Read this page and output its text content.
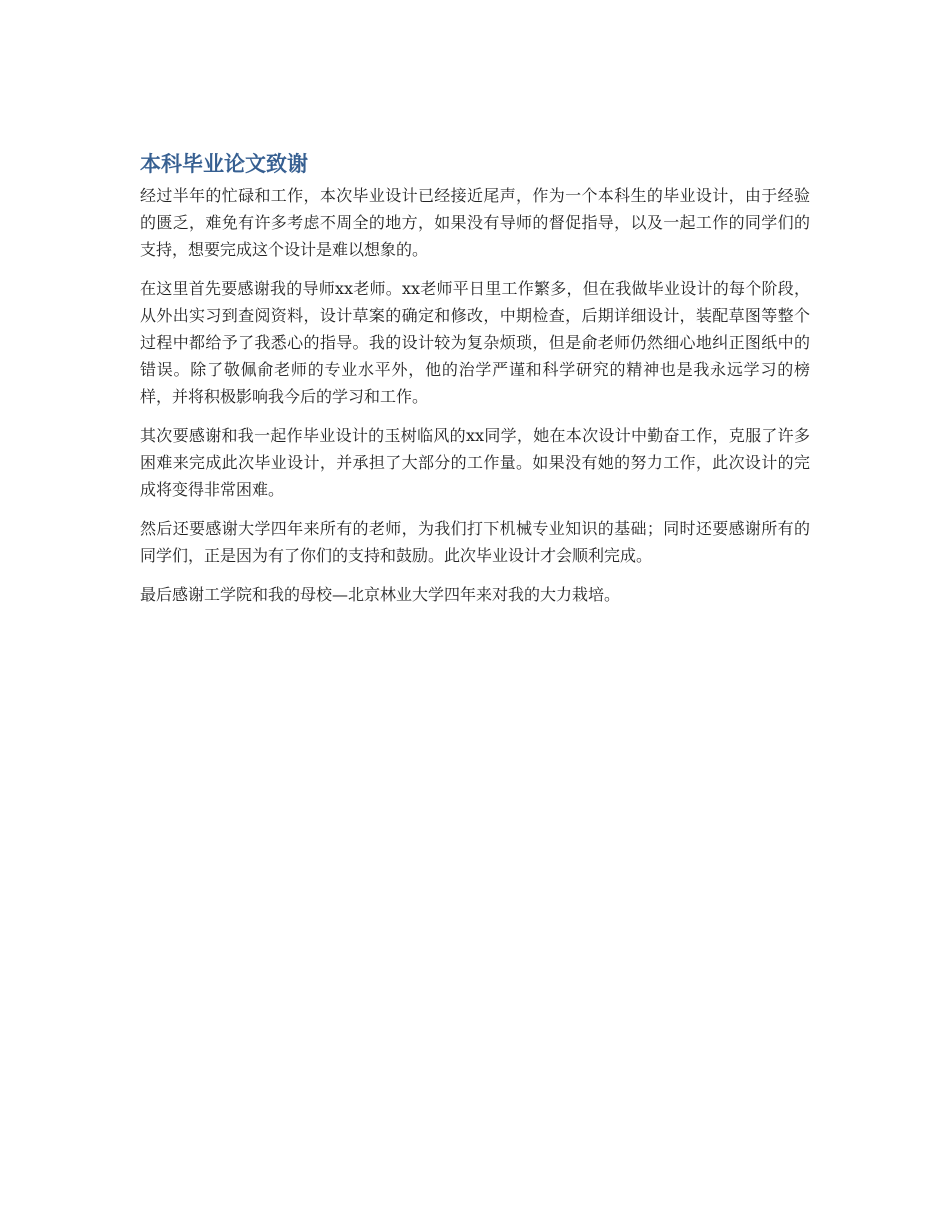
本科毕业论文致谢

经过半年的忙碌和工作，本次毕业设计已经接近尾声，作为一个本科生的毕业设计，由于经验的匮乏，难免有许多考虑不周全的地方，如果没有导师的督促指导，以及一起工作的同学们的支持，想要完成这个设计是难以想象的。

在这里首先要感谢我的导师xx老师。xx老师平日里工作繁多，但在我做毕业设计的每个阶段，从外出实习到查阅资料，设计草案的确定和修改，中期检查，后期详细设计，装配草图等整个过程中都给予了我悉心的指导。我的设计较为复杂烦琐，但是俞老师仍然细心地纠正图纸中的错误。除了敬佩俞老师的专业水平外，他的治学严谨和科学研究的精神也是我永远学习的榜样，并将积极影响我今后的学习和工作。

其次要感谢和我一起作毕业设计的玉树临风的xx同学，她在本次设计中勤奋工作，克服了许多困难来完成此次毕业设计，并承担了大部分的工作量。如果没有她的努力工作，此次设计的完成将变得非常困难。

然后还要感谢大学四年来所有的老师，为我们打下机械专业知识的基础；同时还要感谢所有的同学们，正是因为有了你们的支持和鼓励。此次毕业设计才会顺利完成。

最后感谢工学院和我的母校—北京林业大学四年来对我的大力栽培。
